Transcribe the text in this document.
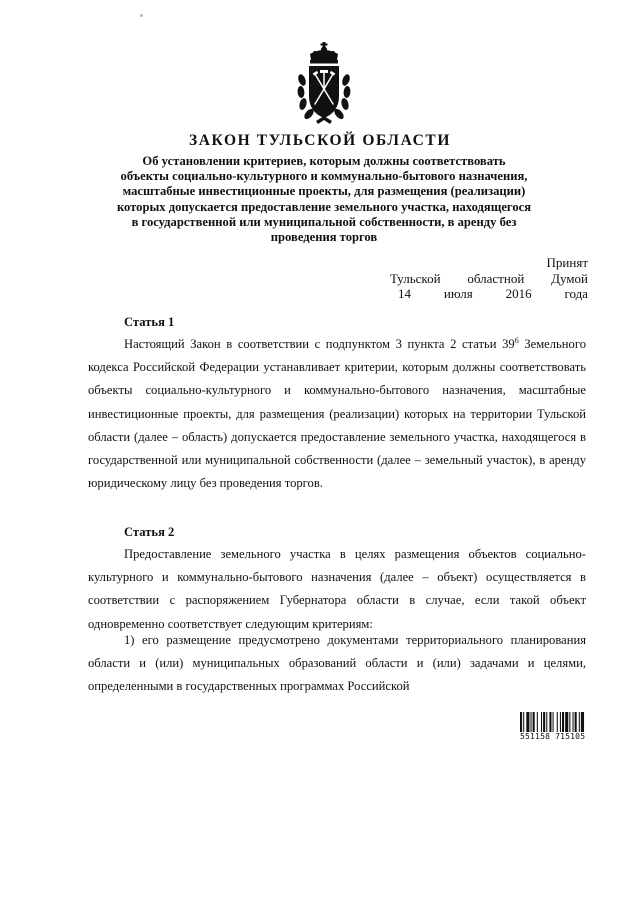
ЗАКОН ТУЛЬСКОЙ ОБЛАСТИ
Об установлении критериев, которым должны соответствовать
объекты социально-культурного и коммунально-бытового назначения,
масштабные инвестиционные проекты, для размещения (реализации)
которых допускается предоставление земельного участка, находящегося
в государственной или муниципальной собственности, в аренду без
проведения торгов
Принят
Тульской областной Думой
14	июля	2016	года
Статья 1

Настоящий Закон в соответствии с подпунктом 3 пункта 2 статьи $39^6$ Земельного кодекса Российской Федерации устанавливает критерии, которым должны соответствовать объекты социально-культурного и коммунально-бытового назначения, масштабные инвестиционные проекты, для размещения (реализации) которых на территории Тульской области (далее – область) допускается предоставление земельного участка, находящегося в государственной или муниципальной собственности (далее – земельный участок), в аренду юридическому лицу без проведения торгов.

Статья 2

Предоставление земельного участка в целях размещения объектов социально-культурного и коммунально-бытового назначения (далее – объект) осуществляется в соответствии с распоряжением Губернатора области в случае, если такой объект одновременно соответствует следующим критериям:

1) его размещение предусмотрено документами территориального планирования области и (или) муниципальных образований области и (или) задачами и целями, определенными в государственных программах Российской

551158 715105
